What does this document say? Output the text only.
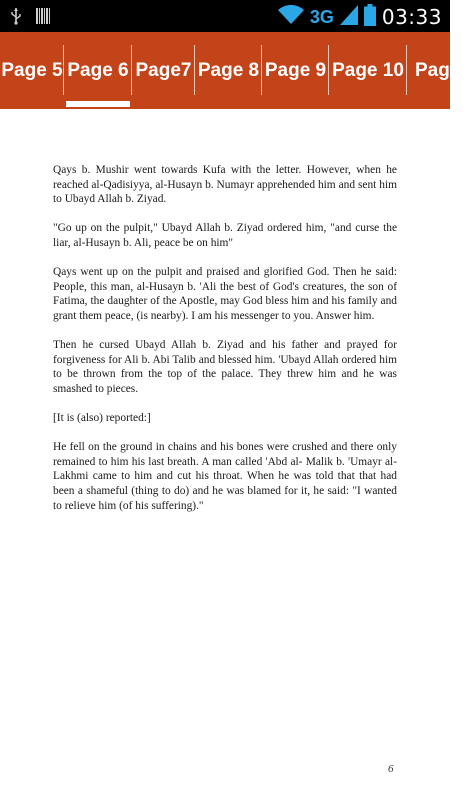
3G 03:33
Page 5 Page 6 Page7 Page 8 Page 9 Page 10 Page

Qays b. Mushir went towards Kufa with the letter. However, when he reached al-Qadisiyya, al-Husayn b. Numayr apprehended him and sent him to Ubayd Allah b. Ziyad.

"Go up on the pulpit," Ubayd Allah b. Ziyad ordered him, "and curse the liar, al-Husayn b. Ali, peace be on him"

Qays went up on the pulpit and praised and glorified God. Then he said: People, this man, al-Husayn b. 'Ali the best of God's creatures, the son of Fatima, the daughter of the Apostle, may God bless him and his family and grant them peace, (is nearby). I am his messenger to you. Answer him.

Then he cursed Ubayd Allah b. Ziyad and his father and prayed for forgiveness for Ali b. Abi Talib and blessed him. 'Ubayd Allah ordered him to be thrown from the top of the palace. They threw him and he was smashed to pieces.

[It is (also) reported:]

He fell on the ground in chains and his bones were crushed and there only remained to him his last breath. A man called 'Abd al- Malik b. 'Umayr al-Lakhmi came to him and cut his throat. When he was told that that had been a shameful (thing to do) and he was blamed for it, he said: "I wanted to relieve him (of his suffering)."

6
